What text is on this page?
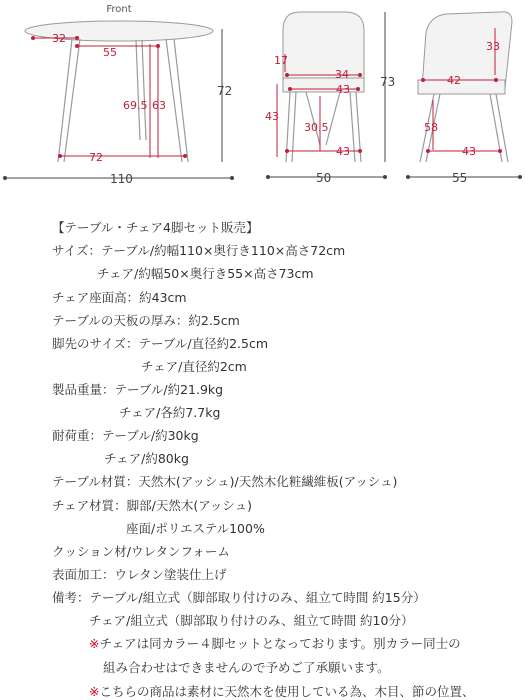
Front
32
55
69.5 63
72
72
110
17
34
43
43
30.5
43
73
50
33
42
58
43
55
【テーブル・チェア4脚セット販売】
サイズ：テーブル/約幅110×奥行き110×高さ72cm
チェア/約幅50×奥行き55×高さ73cm
チェア座面高：約43cm
テーブルの天板の厚み：約2.5cm
脚先のサイズ：テーブル/直径約2.5cm
チェア/直径約2cm
製品重量：テーブル/約21.9kg
チェア/各約7.7kg
耐荷重：テーブル/約30kg
チェア/約80kg
テーブル材質：天然木(アッシュ)/天然木化粧繊維板(アッシュ)
チェア材質：脚部/天然木(アッシュ)
座面/ポリエステル100%
クッション材/ウレタンフォーム
表面加工：ウレタン塗装仕上げ
備考：テーブル/組立式（脚部取り付けのみ、組立て時間 約15分）
チェア/組立式（脚部取り付けのみ、組立て時間 約10分）
※チェアは同カラー４脚セットとなっております。別カラー同士の
組み合わせはできませんので予めご了承願います。
※こちらの商品は素材に天然木を使用している為、木目、節の位置、
